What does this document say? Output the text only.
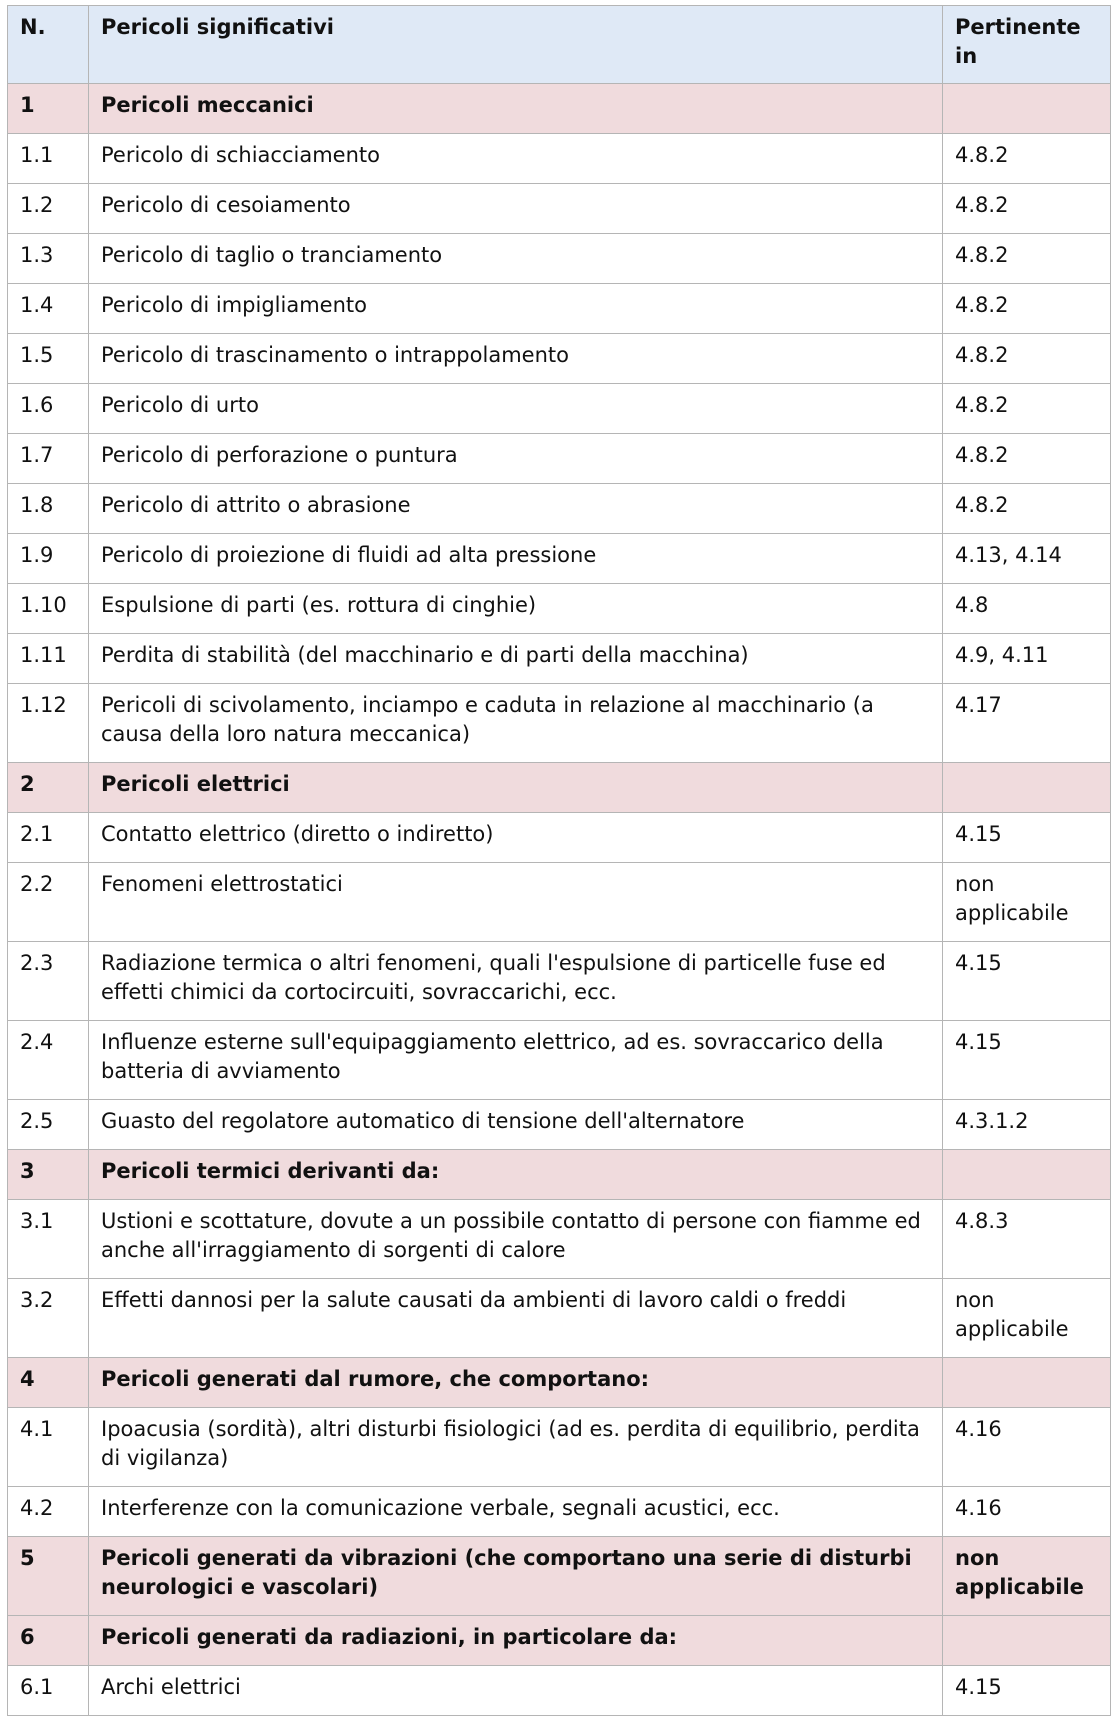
N.	Pericoli significativi	Pertinente in
1	Pericoli meccanici	
1.1	Pericolo di schiacciamento	4.8.2
1.2	Pericolo di cesoiamento	4.8.2
1.3	Pericolo di taglio o tranciamento	4.8.2
1.4	Pericolo di impigliamento	4.8.2
1.5	Pericolo di trascinamento o intrappolamento	4.8.2
1.6	Pericolo di urto	4.8.2
1.7	Pericolo di perforazione o puntura	4.8.2
1.8	Pericolo di attrito o abrasione	4.8.2
1.9	Pericolo di proiezione di fluidi ad alta pressione	4.13, 4.14
1.10	Espulsione di parti (es. rottura di cinghie)	4.8
1.11	Perdita di stabilità (del macchinario e di parti della macchina)	4.9, 4.11
1.12	Pericoli di scivolamento, inciampo e caduta in relazione al macchinario (a causa della loro natura meccanica)	4.17
2	Pericoli elettrici	
2.1	Contatto elettrico (diretto o indiretto)	4.15
2.2	Fenomeni elettrostatici	non applicabile
2.3	Radiazione termica o altri fenomeni, quali l'espulsione di particelle fuse ed effetti chimici da cortocircuiti, sovraccarichi, ecc.	4.15
2.4	Influenze esterne sull'equipaggiamento elettrico, ad es. sovraccarico della batteria di avviamento	4.15
2.5	Guasto del regolatore automatico di tensione dell'alternatore	4.3.1.2
3	Pericoli termici derivanti da:	
3.1	Ustioni e scottature, dovute a un possibile contatto di persone con fiamme ed anche all'irraggiamento di sorgenti di calore	4.8.3
3.2	Effetti dannosi per la salute causati da ambienti di lavoro caldi o freddi	non applicabile
4	Pericoli generati dal rumore, che comportano:	
4.1	Ipoacusia (sordità), altri disturbi fisiologici (ad es. perdita di equilibrio, perdita di vigilanza)	4.16
4.2	Interferenze con la comunicazione verbale, segnali acustici, ecc.	4.16
5	Pericoli generati da vibrazioni (che comportano una serie di disturbi neurologici e vascolari)	non applicabile
6	Pericoli generati da radiazioni, in particolare da:	
6.1	Archi elettrici	4.15
